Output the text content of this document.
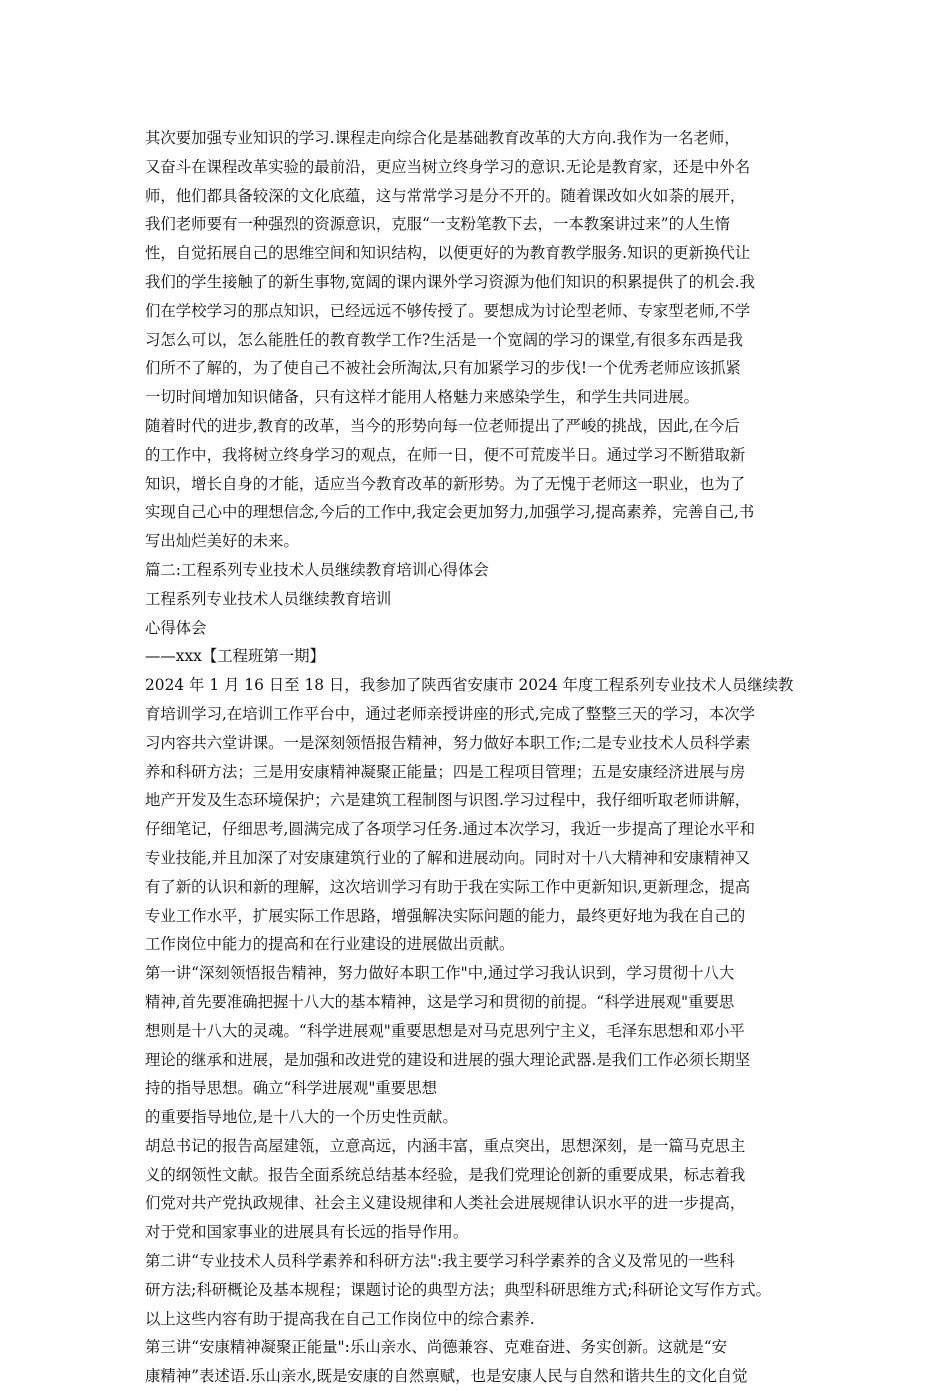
其次要加强专业知识的学习.课程走向综合化是基础教育改革的大方向.我作为一名老师，
又奋斗在课程改革实验的最前沿，更应当树立终身学习的意识.无论是教育家，还是中外名
师，他们都具备较深的文化底蕴，这与常常学习是分不开的。随着课改如火如荼的展开，
我们老师要有一种强烈的资源意识，克服“一支粉笔教下去，一本教案讲过来”的人生惰
性，自觉拓展自己的思维空间和知识结构，以便更好的为教育教学服务.知识的更新换代让
我们的学生接触了的新生事物,宽阔的课内课外学习资源为他们知识的积累提供了的机会.我
们在学校学习的那点知识，已经远远不够传授了。要想成为讨论型老师、专家型老师,不学
习怎么可以，怎么能胜任的教育教学工作?生活是一个宽阔的学习的课堂,有很多东西是我
们所不了解的，为了使自己不被社会所淘汰,只有加紧学习的步伐!一个优秀老师应该抓紧
一切时间增加知识储备，只有这样才能用人格魅力来感染学生，和学生共同进展。
随着时代的进步,教育的改革，当今的形势向每一位老师提出了严峻的挑战，因此,在今后
的工作中，我将树立终身学习的观点，在师一日，便不可荒废半日。通过学习不断猎取新
知识，增长自身的才能，适应当今教育改革的新形势。为了无愧于老师这一职业，也为了
实现自己心中的理想信念,今后的工作中,我定会更加努力,加强学习,提高素养，完善自己,书
写出灿烂美好的未来。
篇二:工程系列专业技术人员继续教育培训心得体会
工程系列专业技术人员继续教育培训
心得体会
——xxx【工程班第一期】
2024 年 1 月 16 日至 18 日，我参加了陕西省安康市 2024 年度工程系列专业技术人员继续教
育培训学习,在培训工作平台中，通过老师亲授讲座的形式,完成了整整三天的学习，本次学
习内容共六堂讲课。一是深刻领悟报告精神，努力做好本职工作;二是专业技术人员科学素
养和科研方法；三是用安康精神凝聚正能量；四是工程项目管理；五是安康经济进展与房
地产开发及生态环境保护；六是建筑工程制图与识图.学习过程中，我仔细听取老师讲解，
仔细笔记，仔细思考,圆满完成了各项学习任务.通过本次学习，我近一步提高了理论水平和
专业技能,并且加深了对安康建筑行业的了解和进展动向。同时对十八大精神和安康精神又
有了新的认识和新的理解，这次培训学习有助于我在实际工作中更新知识,更新理念，提高
专业工作水平，扩展实际工作思路，增强解决实际问题的能力，最终更好地为我在自己的
工作岗位中能力的提高和在行业建设的进展做出贡献。
第一讲“深刻领悟报告精神，努力做好本职工作"中,通过学习我认识到，学习贯彻十八大
精神,首先要准确把握十八大的基本精神，这是学习和贯彻的前提。“科学进展观"重要思
想则是十八大的灵魂。“科学进展观"重要思想是对马克思列宁主义，毛泽东思想和邓小平
理论的继承和进展，是加强和改进党的建设和进展的强大理论武器.是我们工作必须长期坚
持的指导思想。确立“科学进展观"重要思想
的重要指导地位,是十八大的一个历史性贡献。
胡总书记的报告高屋建瓴，立意高远，内涵丰富，重点突出，思想深刻，是一篇马克思主
义的纲领性文献。报告全面系统总结基本经验，是我们党理论创新的重要成果，标志着我
们党对共产党执政规律、社会主义建设规律和人类社会进展规律认识水平的进一步提高，
对于党和国家事业的进展具有长远的指导作用。
第二讲“专业技术人员科学素养和科研方法":我主要学习科学素养的含义及常见的一些科
研方法;科研概论及基本规程；课题讨论的典型方法；典型科研思维方式;科研论文写作方式。
以上这些内容有助于提高我在自己工作岗位中的综合素养.
第三讲“安康精神凝聚正能量":乐山亲水、尚德兼容、克难奋进、务实创新。这就是“安
康精神”表述语.乐山亲水,既是安康的自然禀赋，也是安康人民与自然和谐共生的文化自觉
